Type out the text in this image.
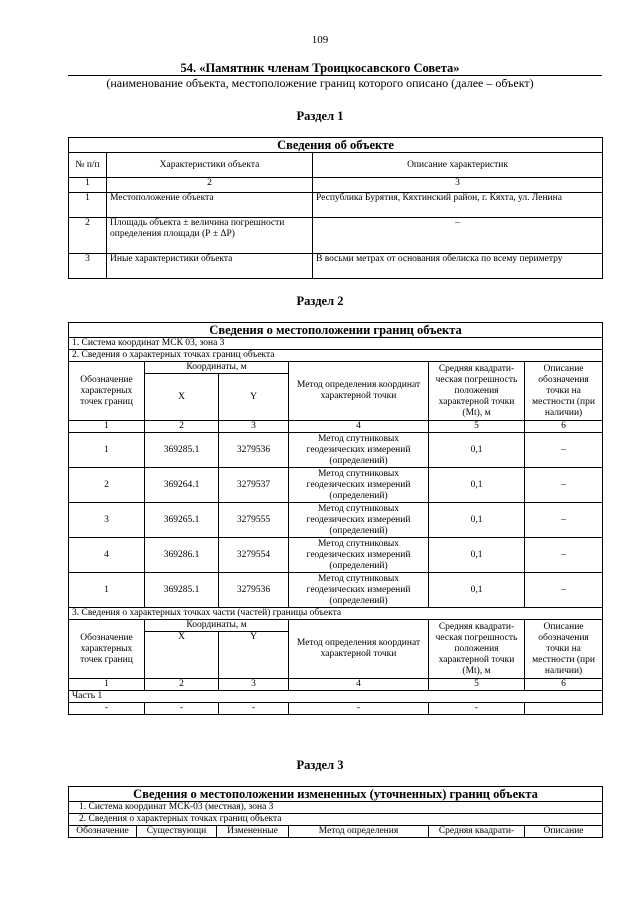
109
54. «Памятник членам Троицкосавского Совета»
(наименование объекта, местоположение границ которого описано (далее – объект)
Раздел 1
Сведения об объекте		
№ п/п	Характеристики объекта	Описание характеристик
1	2	3
1	Местоположение объекта	Республика Бурятия, Кяхтинский район, г. Кяхта, ул. Ленина
2	Площадь объекта ± величина погрешности определения площади (Р ± ΔР)	–
3	Иные характеристики объекта	В восьми метрах от основания обелиска по всему периметру
Раздел 2
Сведения о местоположении границ объекта					
1. Система координат МСК 03, зона 3					
2. Сведения о характерных точках границ объекта					
Обозначение характерных точек границ	Координаты, м		Метод определения координат характерной точки	Средняя квадрати-ческая погрешность положения характерной точки (Мt), м	Описание обозначения точки на местности (при наличии)
	X	Y			
1	2	3	4	5	6
1	369285.1	3279536	Метод спутниковых геодезических измерений (определений)	0,1	–
2	369264.1	3279537	Метод спутниковых геодезических измерений (определений)	0,1	–
3	369265.1	3279555	Метод спутниковых геодезических измерений (определений)	0,1	–
4	369286.1	3279554	Метод спутниковых геодезических измерений (определений)	0,1	–
1	369285.1	3279536	Метод спутниковых геодезических измерений (определений)	0,1	–
3. Сведения о характерных точках части (частей) границы объекта					
Обозначение характерных точек границ	Координаты, м		Метод определения координат характерной точки	Средняя квадрати-ческая погрешность положения характерной точки (Мt), м	Описание обозначения точки на местности (при наличии)
	X	Y			
1	2	3	4	5	6
Часть 1					
-	-	-	-	-	
Раздел 3
Сведения о местоположении измененных (уточненных) границ объекта
1. Система координат МСК-03 (местная), зона 3
2. Сведения о характерных точках границ объекта
Обозначение	Существующи	Измененные	Метод определения	Средняя квадрати-	Описание
